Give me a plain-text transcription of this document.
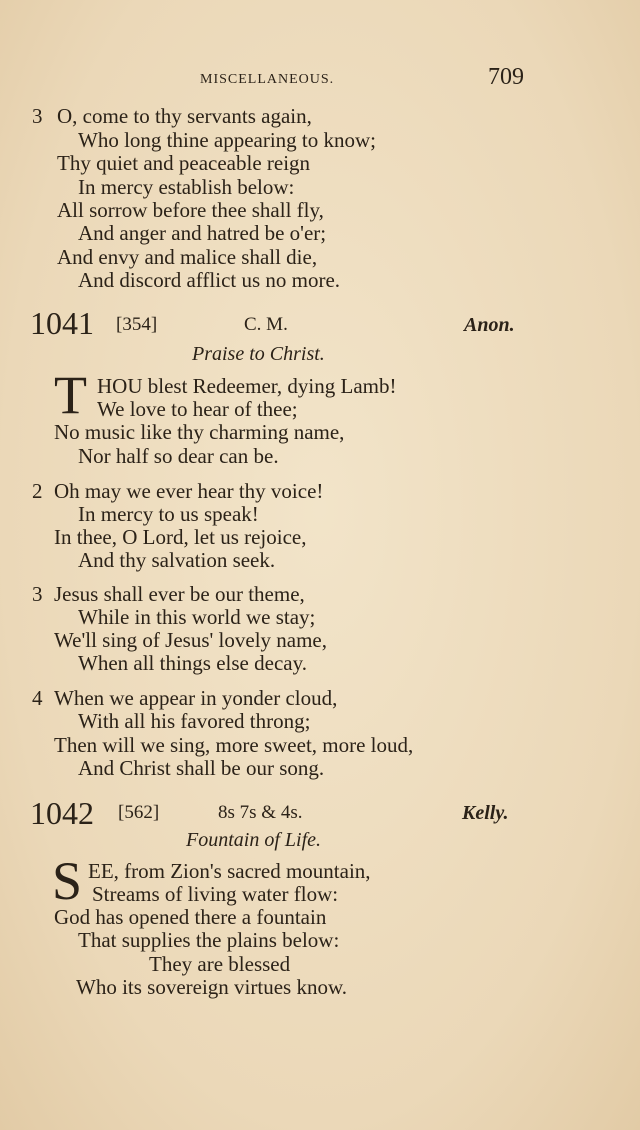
MISCELLANEOUS.	709
3 O, come to thy servants again,
Who long thine appearing to know;
Thy quiet and peaceable reign
In mercy establish below:
All sorrow before thee shall fly,
And anger and hatred be o'er;
And envy and malice shall die,
And discord afflict us no more.
1041 [354]	C. M.	Anon.
Praise to Christ.
T HOU blest Redeemer, dying Lamb!
We love to hear of thee;
No music like thy charming name,
Nor half so dear can be.
2 Oh may we ever hear thy voice!
In mercy to us speak!
In thee, O Lord, let us rejoice,
And thy salvation seek.
3 Jesus shall ever be our theme,
While in this world we stay;
We'll sing of Jesus' lovely name,
When all things else decay.
4 When we appear in yonder cloud,
With all his favored throng;
Then will we sing, more sweet, more loud,
And Christ shall be our song.
1042 [562]	8s 7s & 4s.	Kelly.
Fountain of Life.
S EE, from Zion's sacred mountain,
Streams of living water flow:
God has opened there a fountain
That supplies the plains below:
They are blessed
Who its sovereign virtues know.
